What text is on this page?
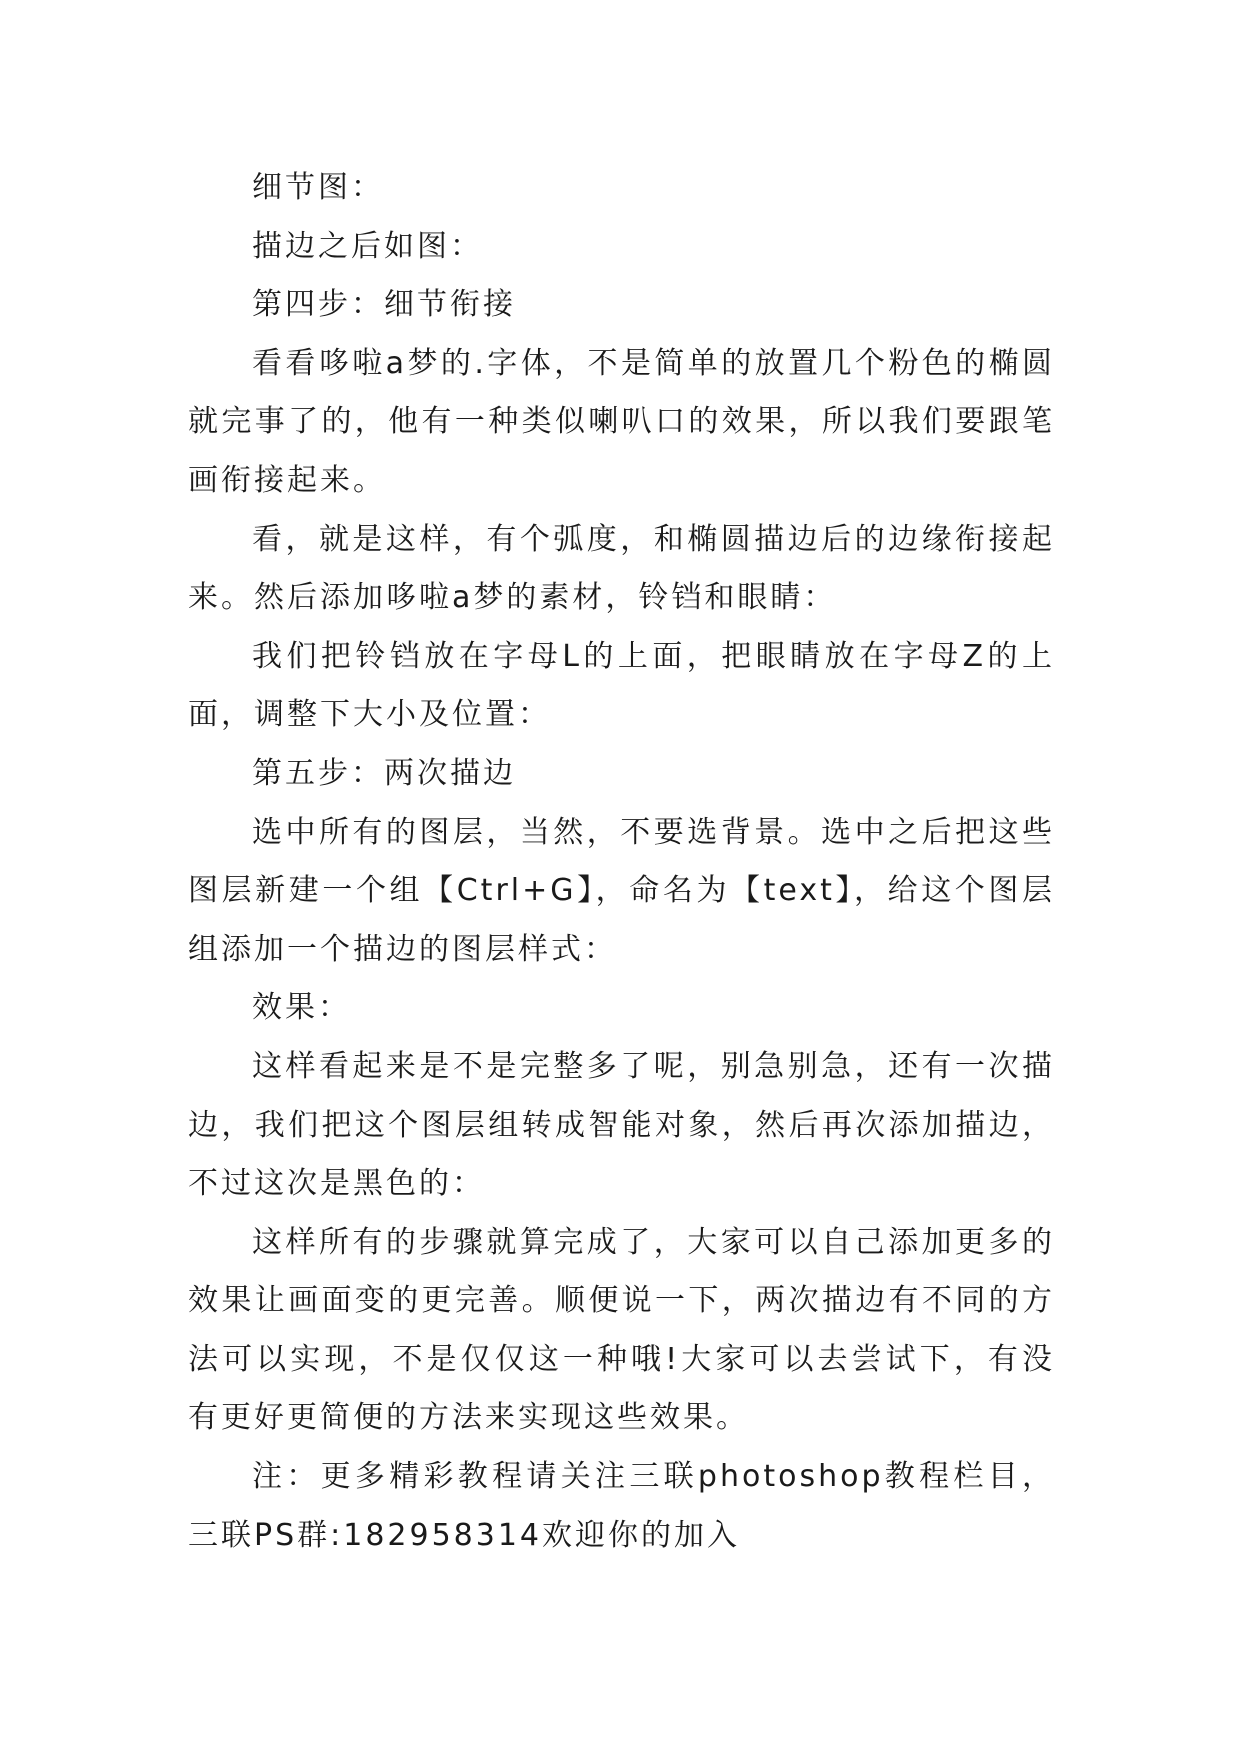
细节图：

描边之后如图：

第四步：细节衔接

看看哆啦a梦的.字体，不是简单的放置几个粉色的椭圆就完事了的，他有一种类似喇叭口的效果，所以我们要跟笔画衔接起来。

看，就是这样，有个弧度，和椭圆描边后的边缘衔接起来。然后添加哆啦a梦的素材，铃铛和眼睛：

我们把铃铛放在字母L的上面，把眼睛放在字母Z的上面，调整下大小及位置：

第五步：两次描边

选中所有的图层，当然，不要选背景。选中之后把这些图层新建一个组【Ctrl+G】，命名为【text】，给这个图层组添加一个描边的图层样式：

效果：

这样看起来是不是完整多了呢，别急别急，还有一次描边，我们把这个图层组转成智能对象，然后再次添加描边，不过这次是黑色的：

这样所有的步骤就算完成了，大家可以自己添加更多的效果让画面变的更完善。顺便说一下，两次描边有不同的方法可以实现，不是仅仅这一种哦!大家可以去尝试下，有没有更好更简便的方法来实现这些效果。

注：更多精彩教程请关注三联photoshop教程栏目，三联PS群:182958314欢迎你的加入
